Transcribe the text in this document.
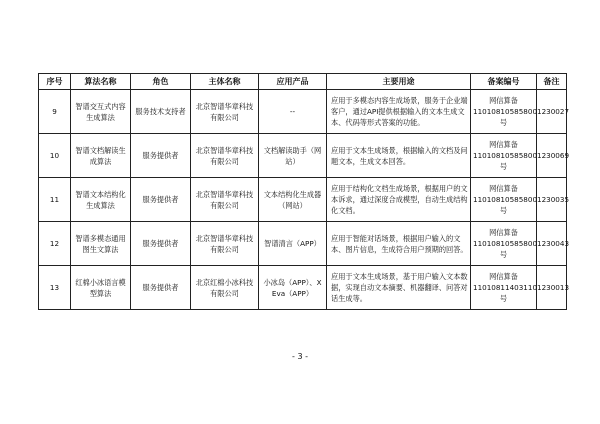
序号	算法名称	角色	主体名称	应用产品	主要用途	备案编号	备注
9	智谱交互式内容生成算法	服务技术支持者	北京智谱华章科技有限公司	--	应用于多模态内容生成场景，服务于企业端客户，通过API提供根据输入的文本生成文本、代码等形式答案的功能。	网信算备110108105858001230027号	
10	智谱文档解读生成算法	服务提供者	北京智谱华章科技有限公司	文档解读助手（网站）	应用于文本生成场景，根据输入的文档及问题文本，生成文本回答。	网信算备110108105858001230069号	
11	智谱文本结构化生成算法	服务提供者	北京智谱华章科技有限公司	文本结构化生成器（网站）	应用于结构化文档生成场景，根据用户的文本诉求，通过深度合成模型，自动生成结构化文档。	网信算备110108105858001230035号	
12	智谱多模态通用图生文算法	服务提供者	北京智谱华章科技有限公司	智谱清言（APP）	应用于智能对话场景，根据用户输入的文本、图片信息，生成符合用户预期的回答。	网信算备110108105858001230043号	
13	红棉小冰语言模型算法	服务提供者	北京红棉小冰科技有限公司	小冰岛（APP）、X Eva（APP）	应用于文本生成场景，基于用户输入文本数据，实现自动文本摘要、机器翻译、问答对话生成等。	网信算备110108114031101230013号	
- 3 -
